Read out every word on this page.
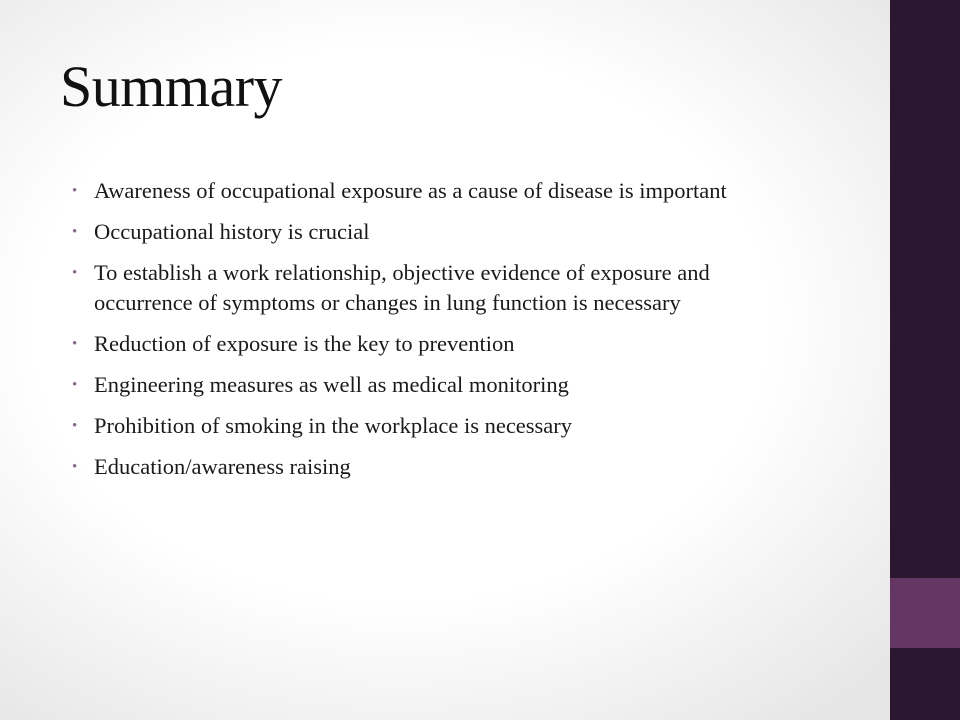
Summary
• Awareness of occupational exposure as a cause of disease is important
• Occupational history is crucial
• To establish a work relationship, objective evidence of exposure and occurrence of symptoms or changes in lung function is necessary
• Reduction of exposure is the key to prevention
• Engineering measures as well as medical monitoring
• Prohibition of smoking in the workplace is necessary
• Education/awareness raising
